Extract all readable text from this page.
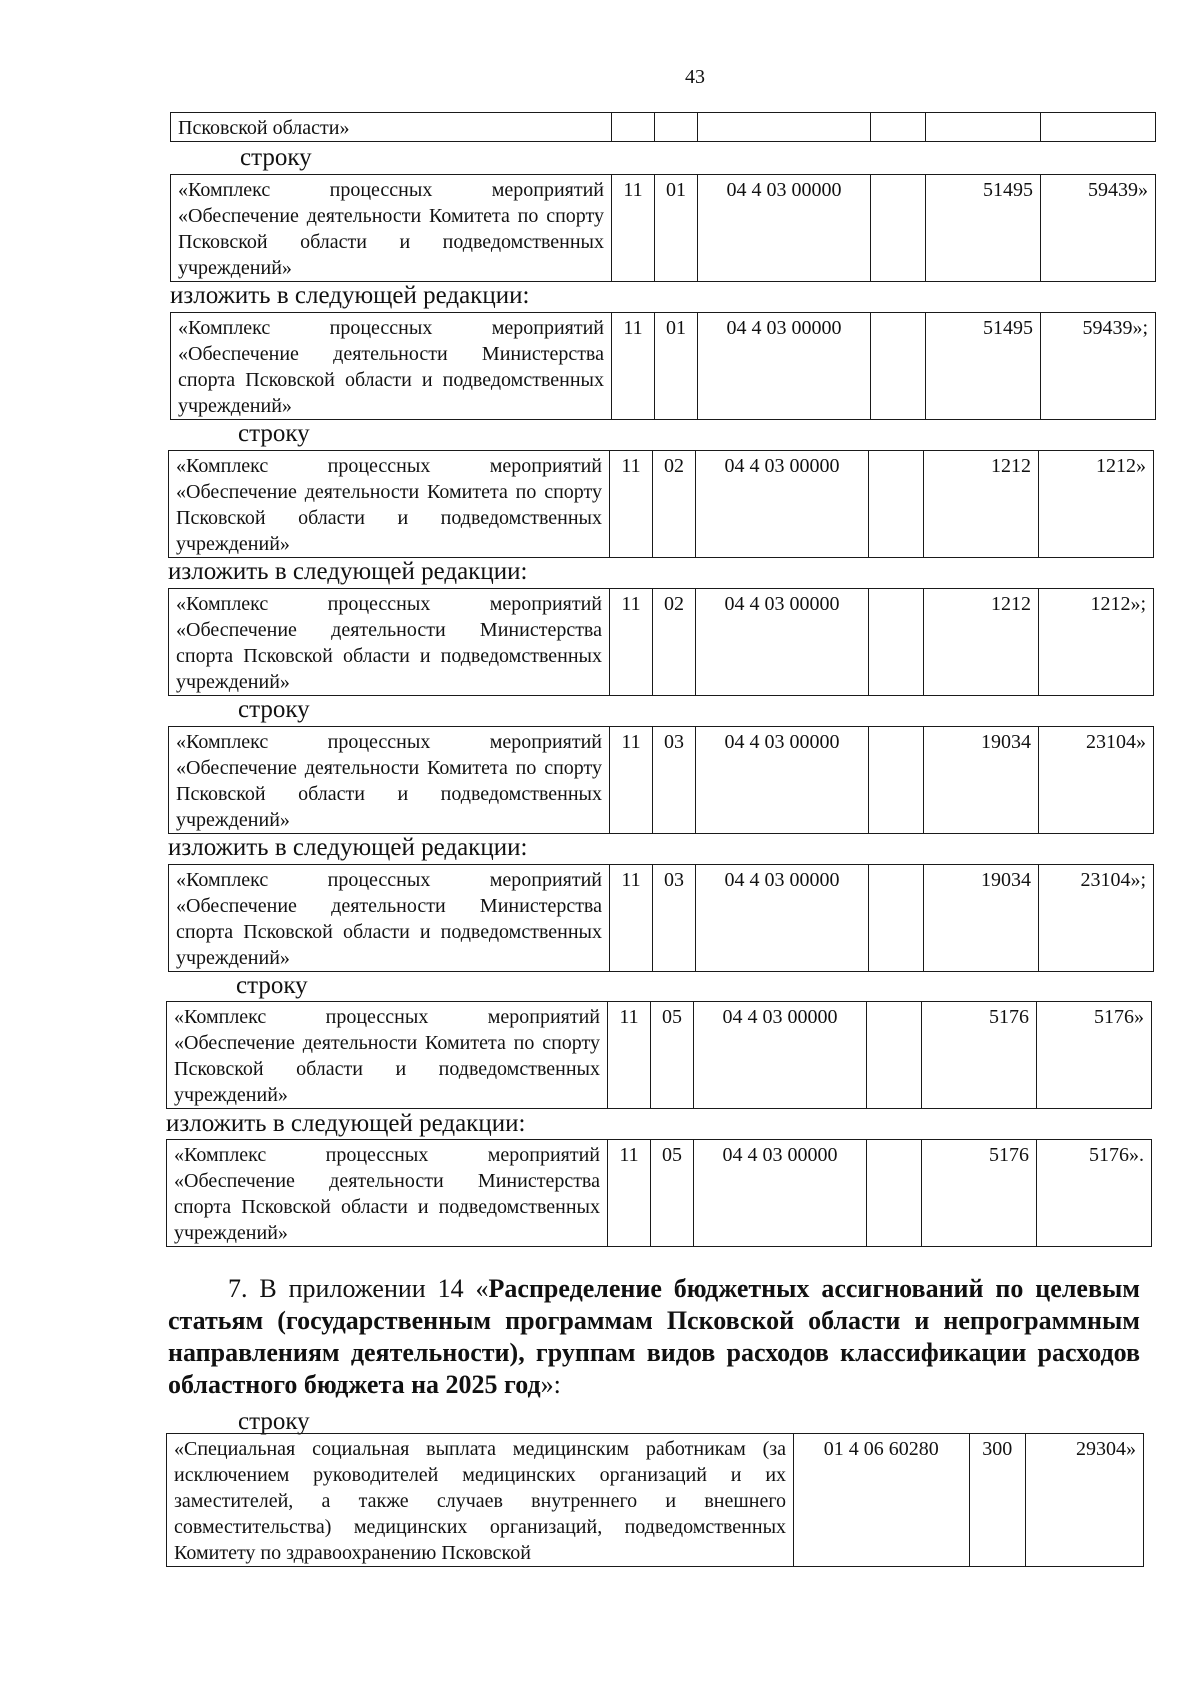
43
Псковской области»						
строку
«Комплекс процессных мероприятий «Обеспечение деятельности Комитета по спорту Псковской области и подведомственных учреждений»	11	01	04 4 03 00000		51495	59439»
изложить в следующей редакции:
«Комплекс процессных мероприятий «Обеспечение деятельности Министерства спорта Псковской области и подведомственных учреждений»	11	01	04 4 03 00000		51495	59439»;
строку
«Комплекс процессных мероприятий «Обеспечение деятельности Комитета по спорту Псковской области и подведомственных учреждений»	11	02	04 4 03 00000		1212	1212»
изложить в следующей редакции:
«Комплекс процессных мероприятий «Обеспечение деятельности Министерства спорта Псковской области и подведомственных учреждений»	11	02	04 4 03 00000		1212	1212»;
строку
«Комплекс процессных мероприятий «Обеспечение деятельности Комитета по спорту Псковской области и подведомственных учреждений»	11	03	04 4 03 00000		19034	23104»
изложить в следующей редакции:
«Комплекс процессных мероприятий «Обеспечение деятельности Министерства спорта Псковской области и подведомственных учреждений»	11	03	04 4 03 00000		19034	23104»;
строку
«Комплекс процессных мероприятий «Обеспечение деятельности Комитета по спорту Псковской области и подведомственных учреждений»	11	05	04 4 03 00000		5176	5176»
изложить в следующей редакции:
«Комплекс процессных мероприятий «Обеспечение деятельности Министерства спорта Псковской области и подведомственных учреждений»	11	05	04 4 03 00000		5176	5176».
7. В приложении 14 «Распределение бюджетных ассигнований по целевым статьям (государственным программам Псковской области и непрограммным направлениям деятельности), группам видов расходов классификации расходов областного бюджета на 2025 год»:
строку
«Специальная социальная выплата медицинским работникам (за исключением руководителей медицинских организаций и их заместителей, а также случаев внутреннего и внешнего совместительства) медицинских организаций, подведомственных Комитету по здравоохранению Псковской	01 4 06 60280	300	29304»
